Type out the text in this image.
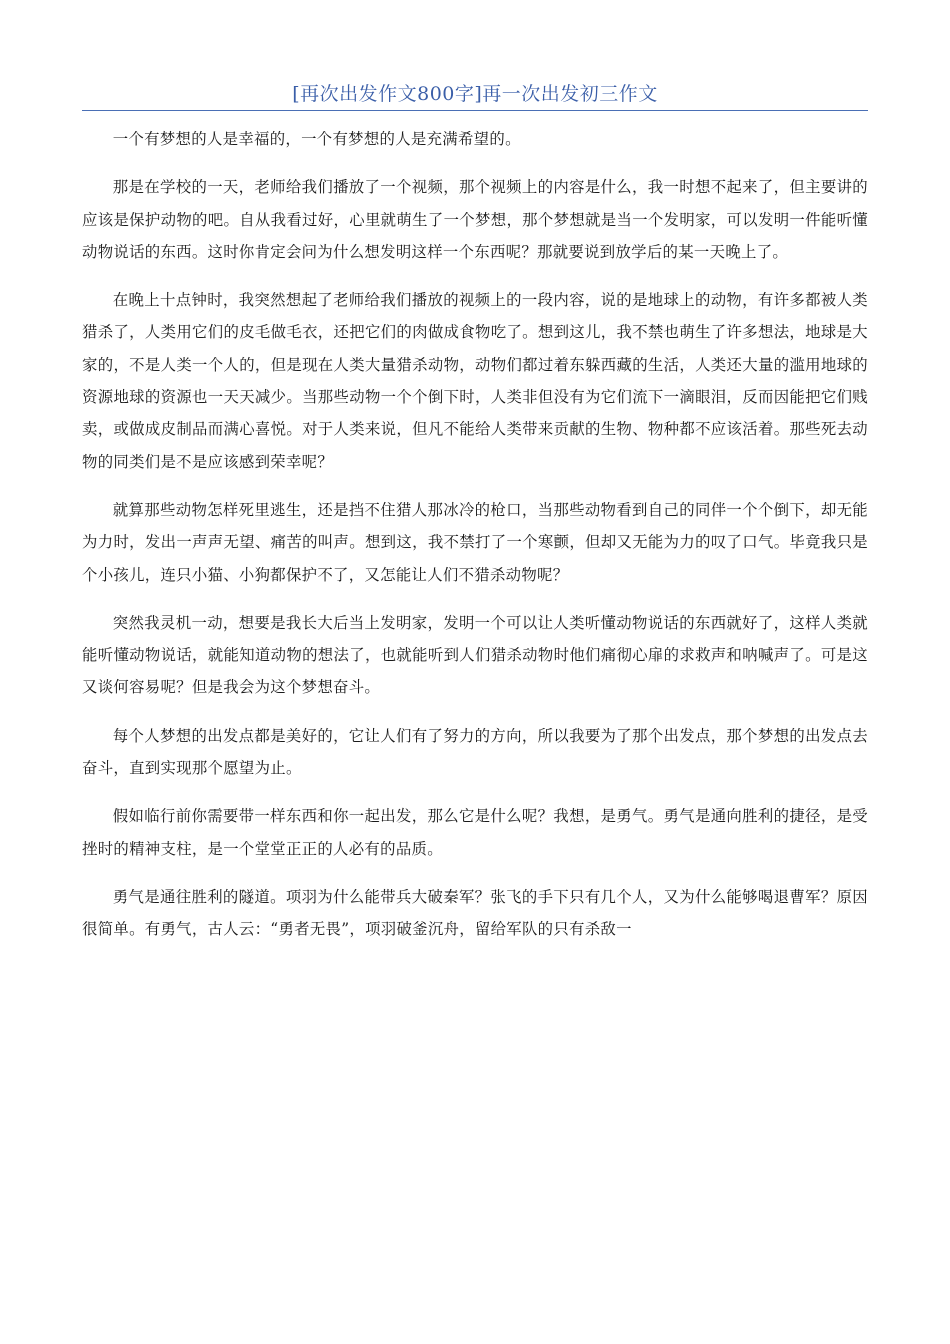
[再次出发作文800字]再一次出发初三作文

一个有梦想的人是幸福的，一个有梦想的人是充满希望的。

那是在学校的一天，老师给我们播放了一个视频，那个视频上的内容是什么，我一时想不起来了，但主要讲的应该是保护动物的吧。自从我看过好，心里就萌生了一个梦想，那个梦想就是当一个发明家，可以发明一件能听懂动物说话的东西。这时你肯定会问为什么想发明这样一个东西呢？那就要说到放学后的某一天晚上了。

在晚上十点钟时，我突然想起了老师给我们播放的视频上的一段内容，说的是地球上的动物，有许多都被人类猎杀了，人类用它们的皮毛做毛衣，还把它们的肉做成食物吃了。想到这儿，我不禁也萌生了许多想法，地球是大家的，不是人类一个人的，但是现在人类大量猎杀动物，动物们都过着东躲西藏的生活，人类还大量的滥用地球的资源地球的资源也一天天减少。当那些动物一个个倒下时，人类非但没有为它们流下一滴眼泪，反而因能把它们贱卖，或做成皮制品而满心喜悦。对于人类来说，但凡不能给人类带来贡献的生物、物种都不应该活着。那些死去动物的同类们是不是应该感到荣幸呢？

就算那些动物怎样死里逃生，还是挡不住猎人那冰冷的枪口，当那些动物看到自己的同伴一个个倒下，却无能为力时，发出一声声无望、痛苦的叫声。想到这，我不禁打了一个寒颤，但却又无能为力的叹了口气。毕竟我只是个小孩儿，连只小猫、小狗都保护不了，又怎能让人们不猎杀动物呢？

突然我灵机一动，想要是我长大后当上发明家，发明一个可以让人类听懂动物说话的东西就好了，这样人类就能听懂动物说话，就能知道动物的想法了，也就能听到人们猎杀动物时他们痛彻心扉的求救声和呐喊声了。可是这又谈何容易呢？但是我会为这个梦想奋斗。

每个人梦想的出发点都是美好的，它让人们有了努力的方向，所以我要为了那个出发点，那个梦想的出发点去奋斗，直到实现那个愿望为止。

假如临行前你需要带一样东西和你一起出发，那么它是什么呢？我想，是勇气。勇气是通向胜利的捷径，是受挫时的精神支柱，是一个堂堂正正的人必有的品质。

勇气是通往胜利的隧道。项羽为什么能带兵大破秦军？张飞的手下只有几个人，又为什么能够喝退曹军？原因很简单。有勇气，古人云：“勇者无畏”，项羽破釜沉舟，留给军队的只有杀敌一
